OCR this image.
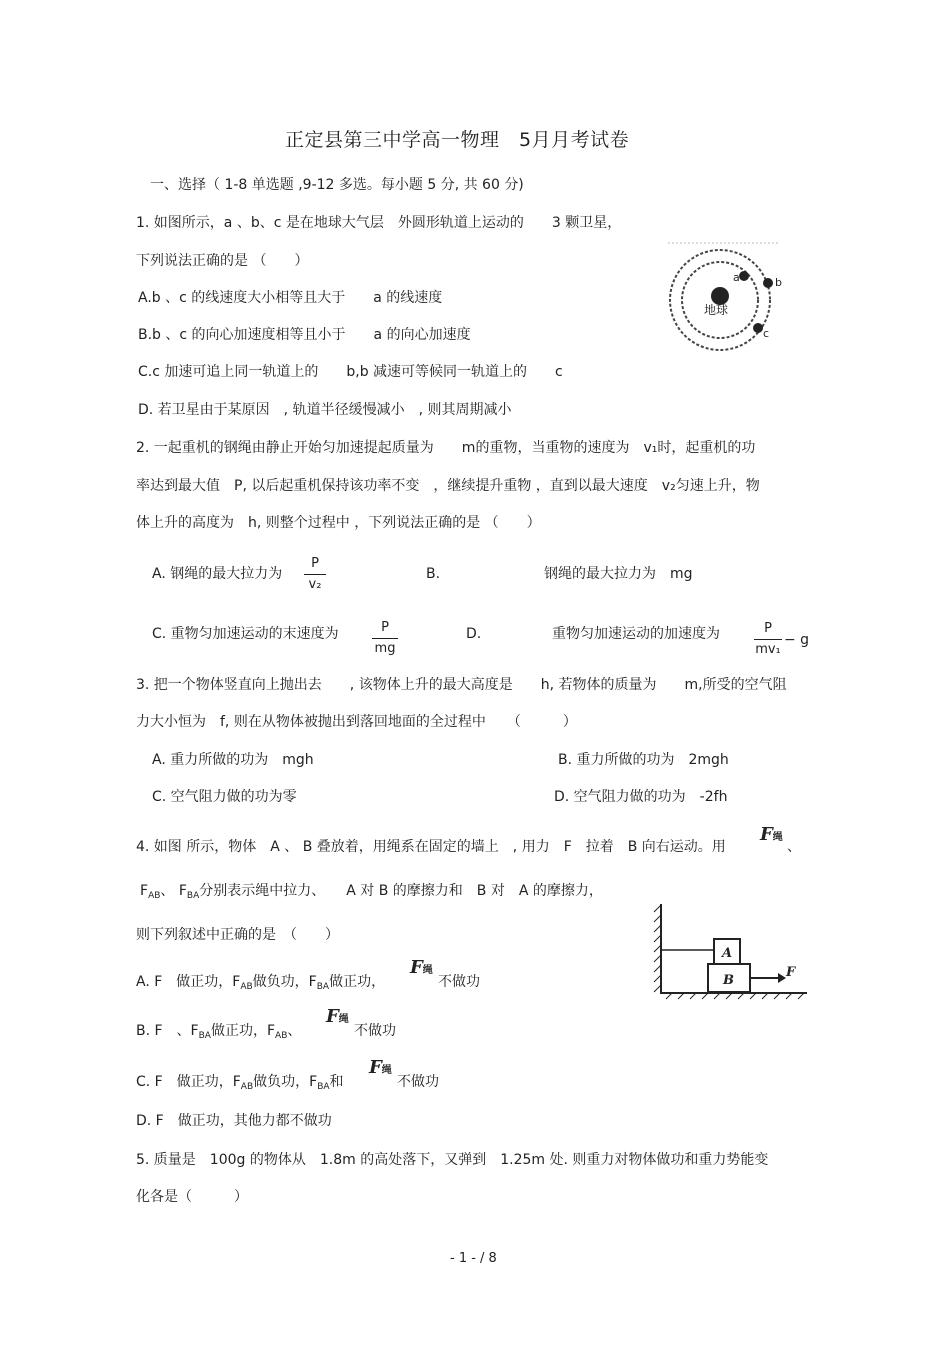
正定县第三中学高一物理　5月月考试卷
一、选择（ 1-8 单选题 ,9-12 多选。每小题 5 分, 共 60 分)
1. 如图所示，a 、b、c 是在地球大气层　外圆形轨道上运动的　　3 颗卫星，
下列说法正确的是 （　　）
A.b 、c 的线速度大小相等且大于　　a 的线速度
B.b 、c 的向心加速度相等且小于　　a 的向心加速度
C.c 加速可追上同一轨道上的　　b,b 减速可等候同一轨道上的　　c
D. 若卫星由于某原因　, 轨道半径缓慢减小　, 则其周期减小
地球
a	b
c
2. 一起重机的钢绳由静止开始匀加速提起质量为　　m的重物，当重物的速度为　v₁时，起重机的功
率达到最大值　P, 以后起重机保持该功率不变　，继续提升重物 ，直到以最大速度　v₂匀速上升，物
体上升的高度为　h, 则整个过程中 ，下列说法正确的是 （　　）
A. 钢绳的最大拉力为
P
v₂
B.	钢绳的最大拉力为　mg
C. 重物匀加速运动的末速度为	P
mg
D.	重物匀加速运动的加速度为	P
mv₁
− g
3. 把一个物体竖直向上抛出去　　, 该物体上升的最大高度是　　h, 若物体的质量为　　m,所受的空气阻
力大小恒为　f, 则在从物体被抛出到落回地面的全过程中　　（　　　）
A. 重力所做的功为　mgh	B. 重力所做的功为　2mgh
C. 空气阻力做的功为零	D. 空气阻力做的功为　-2fh
4. 如图 所示，物体　A 、 B 叠放着，用绳系在固定的墙上　, 用力　F　拉着　B 向右运动。用
F绳
、
$F_{AB}$、 $F_{BA}$分别表示绳中拉力、　　A 对 B 的摩擦力和　B 对　A 的摩擦力，
则下列叙述中正确的是　（　　）
A. F　做正功，$F_{AB}$做负功，$F_{BA}$做正功，
F绳
不做功
B. F　、$F_{BA}$做正功，$F_{AB}$、
F绳
不做功
C. F　做正功，$F_{AB}$做负功，$F_{BA}$和
F绳
不做功
D. F　做正功，其他力都不做功
A
B
F
5. 质量是　100g 的物体从　1.8m 的高处落下，又弹到　1.25m 处. 则重力对物体做功和重力势能变
化各是（　　　）
- 1 - / 8
